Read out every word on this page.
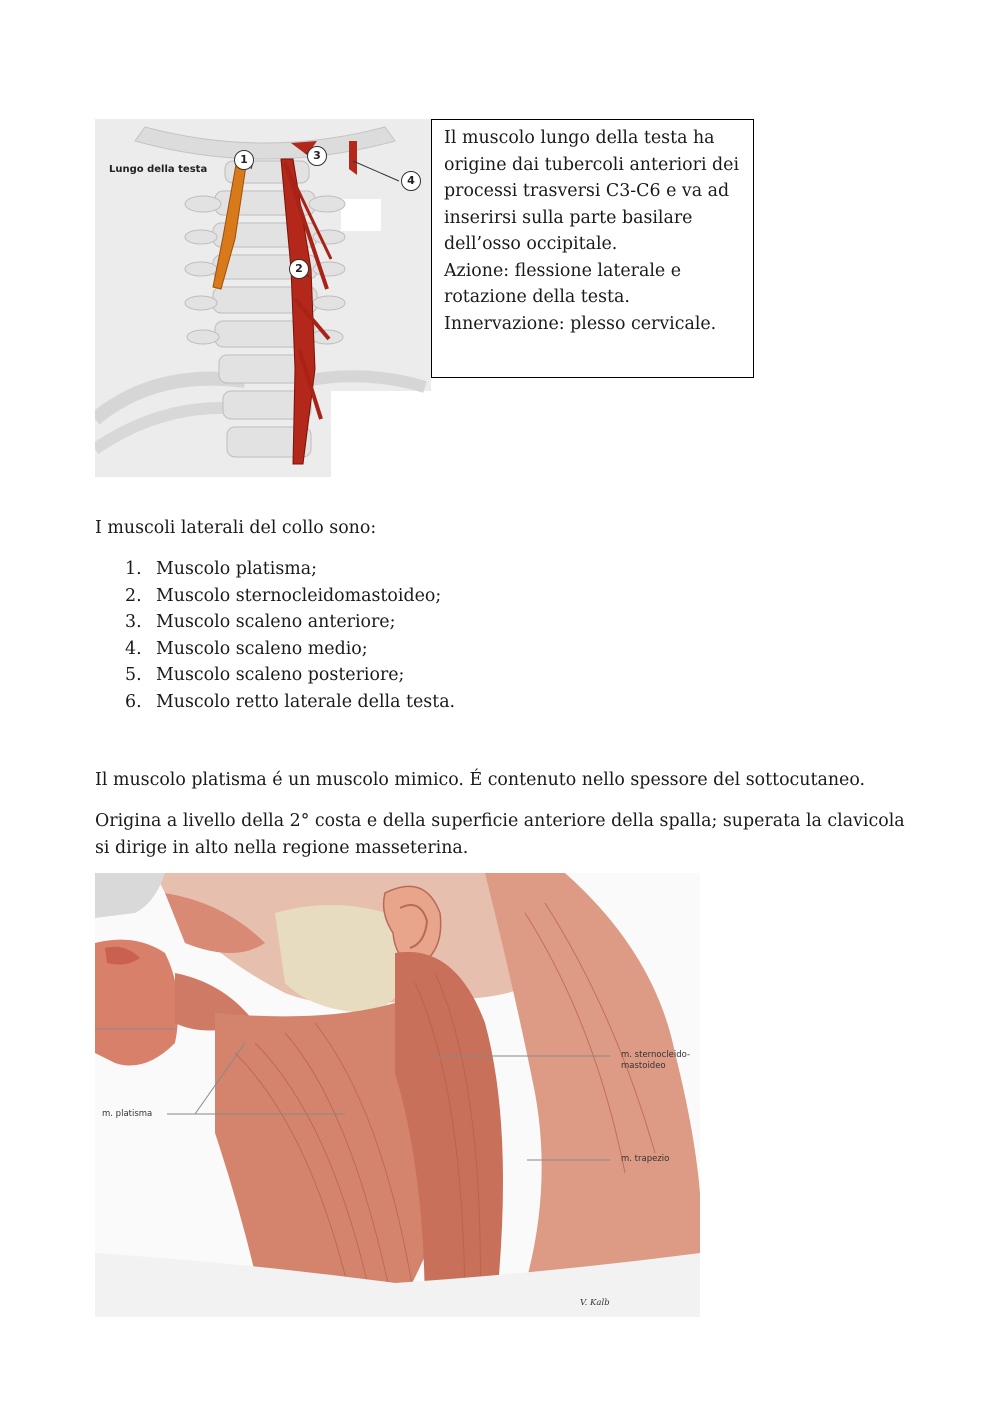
Lungo della testa
1
2
3
4

Il muscolo lungo della testa ha

origine dai tubercoli anteriori dei

processi trasversi C3-C6 e va ad

inserirsi sulla parte basilare

dell’osso occipitale.

Azione: flessione laterale e

rotazione della testa.

Innervazione: plesso cervicale.

I muscoli laterali del collo sono:

1. Muscolo platisma;
2. Muscolo sternocleidomastoideo;
3. Muscolo scaleno anteriore;
4. Muscolo scaleno medio;
5. Muscolo scaleno posteriore;
6. Muscolo retto laterale della testa.

Il muscolo platisma é un muscolo mimico. É contenuto nello spessore del sottocutaneo.

Origina a livello della 2° costa e della superficie anteriore della spalla; superata la clavicola si dirige in alto nella regione masseterina.

m. platisma
m. sternocleido-
mastoideo
m. trapezio
V. Kalb
